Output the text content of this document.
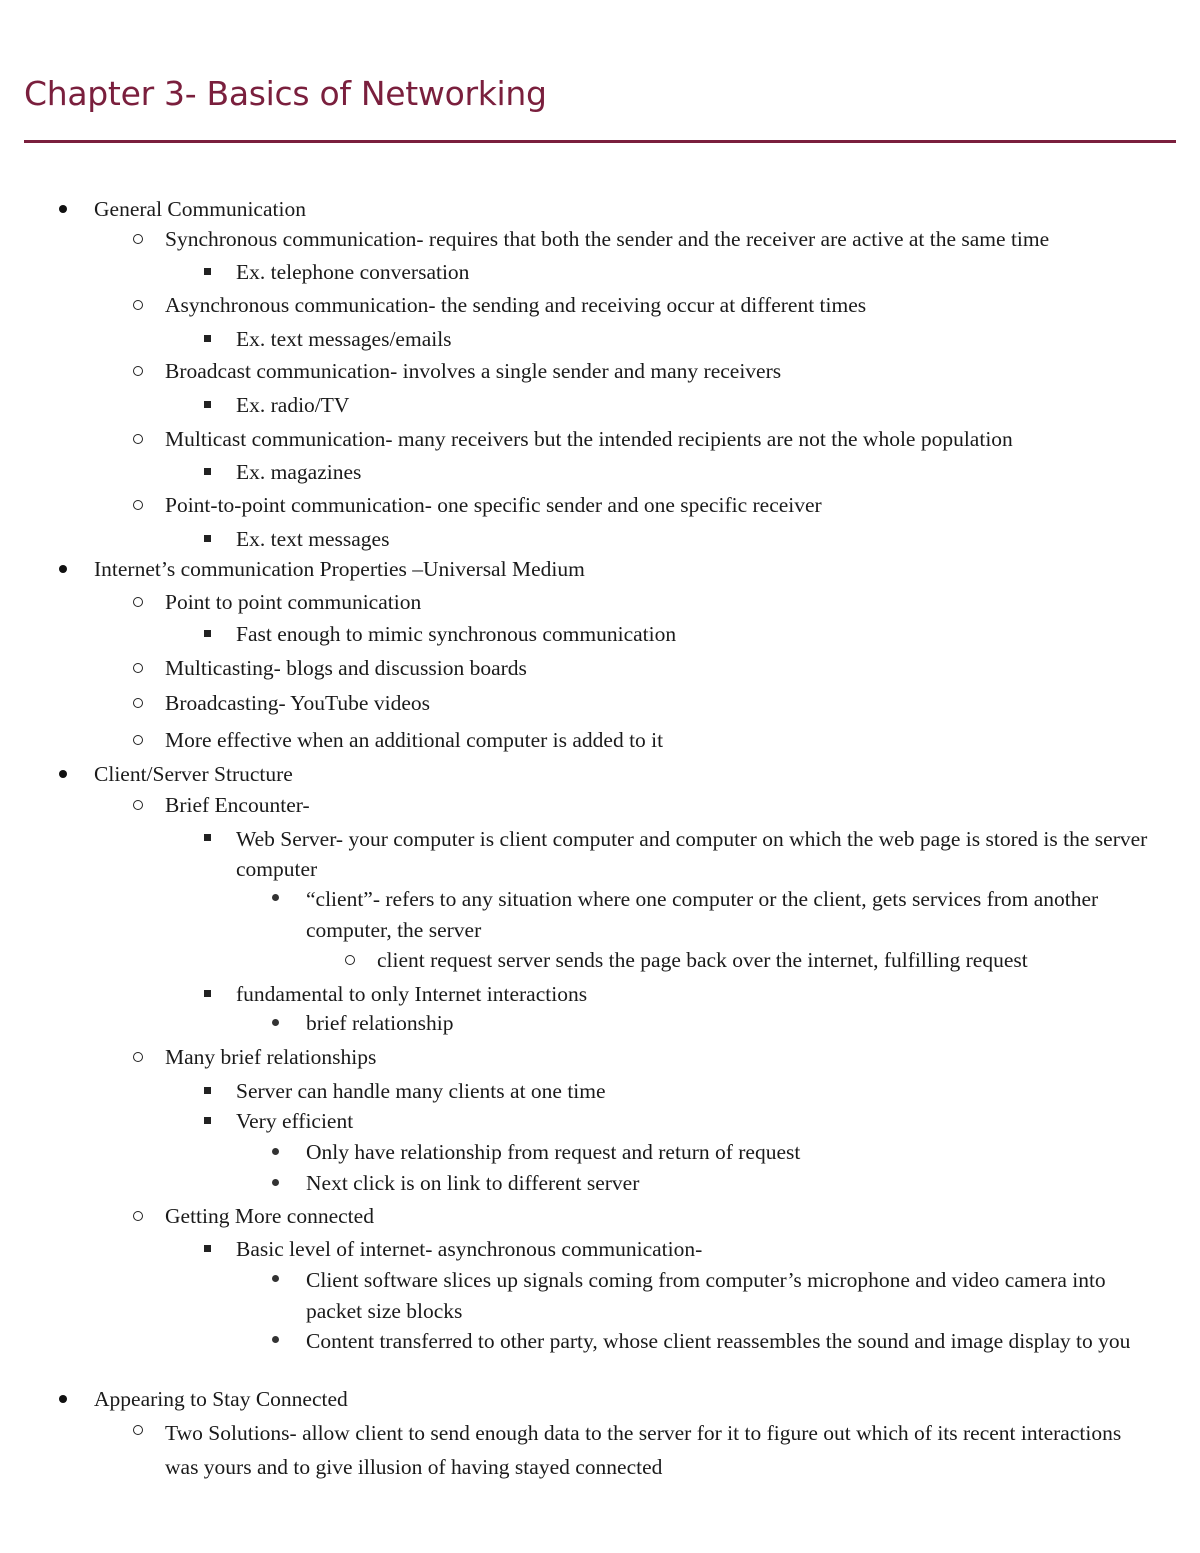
Chapter 3- Basics of Networking
General Communication
Synchronous communication- requires that both the sender and the receiver are active at the same time
Ex. telephone conversation
Asynchronous communication- the sending and receiving occur at different times
Ex. text messages/emails
Broadcast communication- involves a single sender and many receivers
Ex. radio/TV
Multicast communication- many receivers but the intended recipients are not the whole population
Ex. magazines
Point-to-point communication- one specific sender and one specific receiver
Ex. text messages
Internet’s communication Properties –Universal Medium
Point to point communication
Fast enough to mimic synchronous communication
Multicasting- blogs and discussion boards
Broadcasting- YouTube videos
More effective when an additional computer is added to it
Client/Server Structure
Brief Encounter-
Web Server- your computer is client computer and computer on which the web page is stored is the server computer
“client”- refers to any situation where one computer or the client, gets services from another computer, the server
client request server sends the page back over the internet, fulfilling request
fundamental to only Internet interactions
brief relationship
Many brief relationships
Server can handle many clients at one time
Very efficient
Only have relationship from request and return of request
Next click is on link to different server
Getting More connected
Basic level of internet- asynchronous communication-
Client software slices up signals coming from computer’s microphone and video camera into packet size blocks
Content transferred to other party, whose client reassembles the sound and image display to you
Appearing to Stay Connected
Two Solutions- allow client to send enough data to the server for it to figure out which of its recent interactions was yours and to give illusion of having stayed connected
